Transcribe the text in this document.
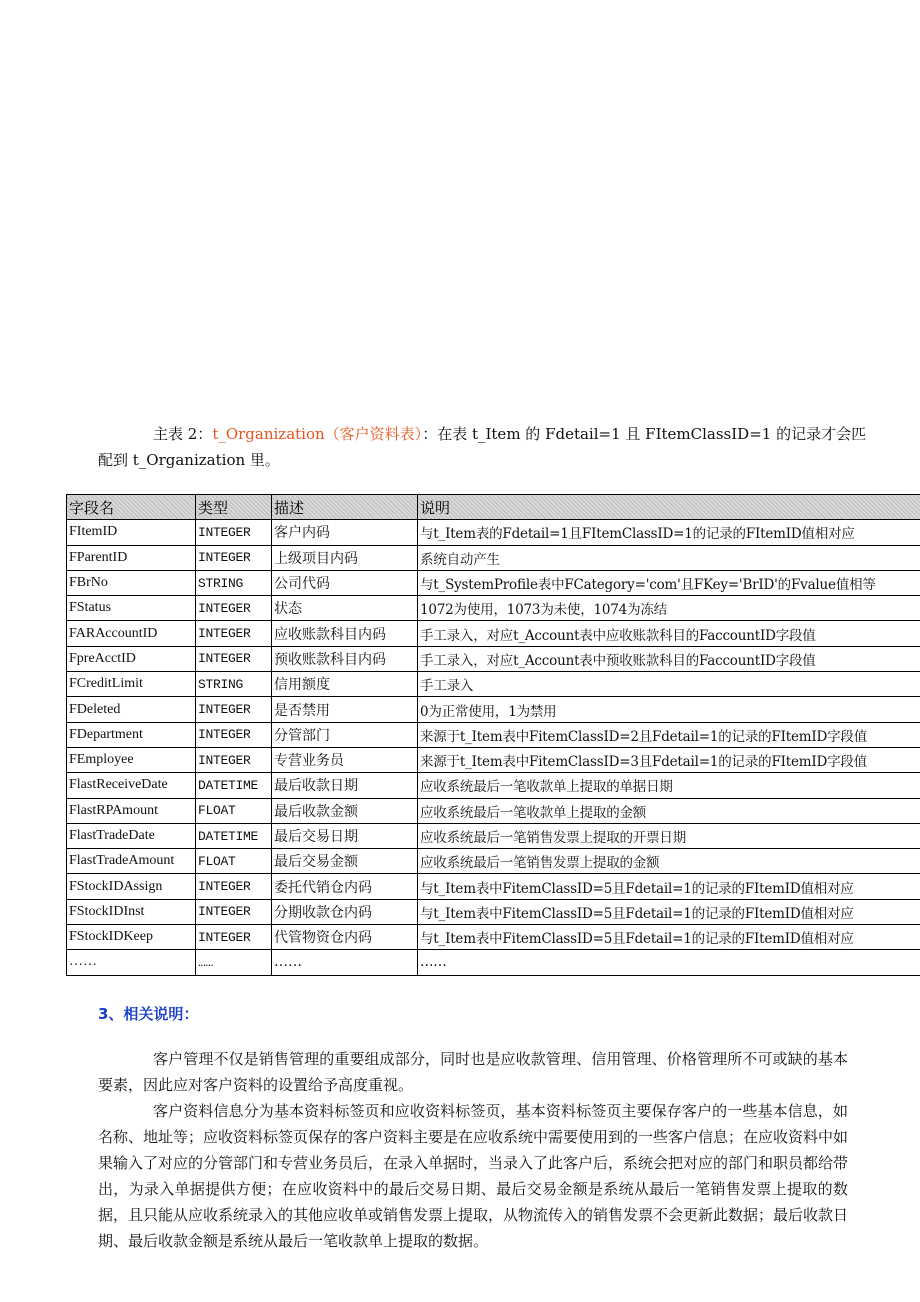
主表 2：t_Organization（客户资料表）：在表 t_Item 的 Fdetail=1 且 FItemClassID=1 的记录才会匹
配到 t_Organization 里。
字段名	类型	描述	说明
FItemID	INTEGER	客户内码	与t_Item表的Fdetail=1且FItemClassID=1的记录的FItemID值相对应
FParentID	INTEGER	上级项目内码	系统自动产生
FBrNo	STRING	公司代码	与t_SystemProfile表中FCategory='com'且FKey='BrID'的Fvalue值相等
FStatus	INTEGER	状态	1072为使用，1073为未使，1074为冻结
FARAccountID	INTEGER	应收账款科目内码	手工录入，对应t_Account表中应收账款科目的FaccountID字段值
FpreAcctID	INTEGER	预收账款科目内码	手工录入，对应t_Account表中预收账款科目的FaccountID字段值
FCreditLimit	STRING	信用额度	手工录入
FDeleted	INTEGER	是否禁用	0为正常使用，1为禁用
FDepartment	INTEGER	分管部门	来源于t_Item表中FitemClassID=2且Fdetail=1的记录的FItemID字段值
FEmployee	INTEGER	专营业务员	来源于t_Item表中FitemClassID=3且Fdetail=1的记录的FItemID字段值
FlastReceiveDate	DATETIME	最后收款日期	应收系统最后一笔收款单上提取的单据日期
FlastRPAmount	FLOAT	最后收款金额	应收系统最后一笔收款单上提取的金额
FlastTradeDate	DATETIME	最后交易日期	应收系统最后一笔销售发票上提取的开票日期
FlastTradeAmount	FLOAT	最后交易金额	应收系统最后一笔销售发票上提取的金额
FStockIDAssign	INTEGER	委托代销仓内码	与t_Item表中FitemClassID=5且Fdetail=1的记录的FItemID值相对应
FStockIDInst	INTEGER	分期收款仓内码	与t_Item表中FitemClassID=5且Fdetail=1的记录的FItemID值相对应
FStockIDKeep	INTEGER	代管物资仓内码	与t_Item表中FitemClassID=5且Fdetail=1的记录的FItemID值相对应
……	……	……	……
3、相关说明：

客户管理不仅是销售管理的重要组成部分，同时也是应收款管理、信用管理、价格管理所不可或缺的基本要素，因此应对客户资料的设置给予高度重视。

客户资料信息分为基本资料标签页和应收资料标签页，基本资料标签页主要保存客户的一些基本信息，如名称、地址等；应收资料标签页保存的客户资料主要是在应收系统中需要使用到的一些客户信息；在应收资料中如果输入了对应的分管部门和专营业务员后，在录入单据时，当录入了此客户后，系统会把对应的部门和职员都给带出，为录入单据提供方便；在应收资料中的最后交易日期、最后交易金额是系统从最后一笔销售发票上提取的数据，且只能从应收系统录入的其他应收单或销售发票上提取，从物流传入的销售发票不会更新此数据；最后收款日期、最后收款金额是系统从最后一笔收款单上提取的数据。
